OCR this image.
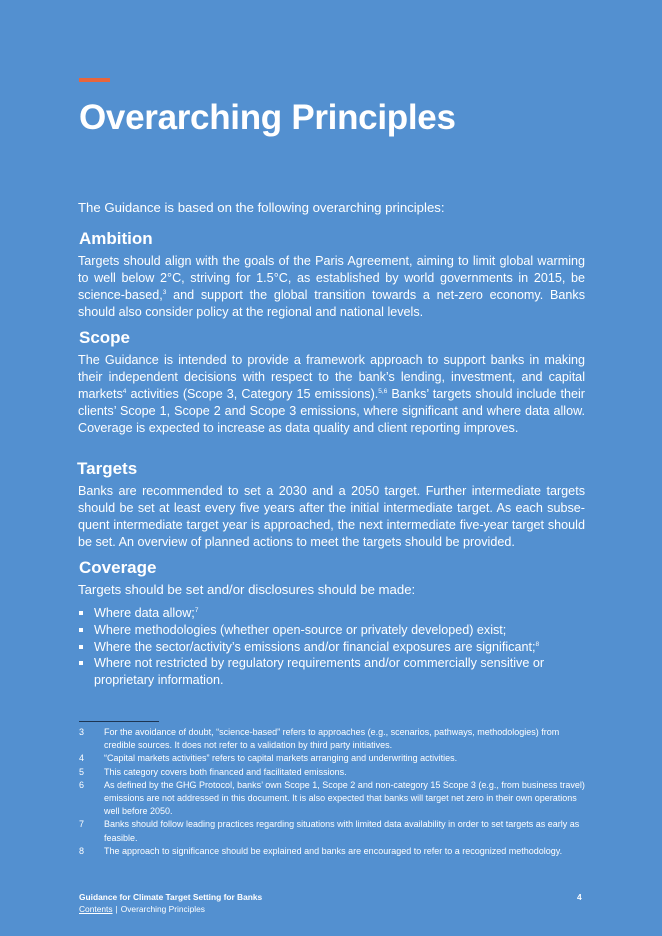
Overarching Principles
The Guidance is based on the following overarching principles:
Ambition

Targets should align with the goals of the Paris Agreement, aiming to limit global warming to well below 2°C, striving for 1.5°C, as established by world governments in 2015, be science-based,$^3$ and support the global transition towards a net-zero economy. Banks should also consider policy at the regional and national levels.

Scope

The Guidance is intended to provide a framework approach to support banks in making their independent decisions with respect to the bank’s lending, investment, and capital markets$^4$ activities (Scope 3, Category 15 emissions).$^{5,6}$ Banks’ targets should include their clients’ Scope 1, Scope 2 and Scope 3 emissions, where significant and where data allow. Coverage is expected to increase as data quality and client reporting improves.

Targets

Banks are recommended to set a 2030 and a 2050 target. Further intermediate targets should be set at least every five years after the initial intermediate target. As each subsequent intermediate target year is approached, the next intermediate five-year target should be set. An overview of planned actions to meet the targets should be provided.

Coverage

Targets should be set and/or disclosures should be made:

Where data allow;$^7$
Where methodologies (whether open-source or privately developed) exist;
Where the sector/activity’s emissions and/or financial exposures are significant;$^8$
Where not restricted by regulatory requirements and/or commercially sensitive or proprietary information.
3	For the avoidance of doubt, “science-based” refers to approaches (e.g., scenarios, pathways, methodologies) from credible sources. It does not refer to a validation by third party initiatives.
4	“Capital markets activities” refers to capital markets arranging and underwriting activities.
5	This category covers both financed and facilitated emissions.
6	As defined by the GHG Protocol, banks’ own Scope 1, Scope 2 and non-category 15 Scope 3 (e.g., from business travel) emissions are not addressed in this document. It is also expected that banks will target net zero in their own operations well before 2050.
7	Banks should follow leading practices regarding situations with limited data availability in order to set targets as early as feasible.
8	The approach to significance should be explained and banks are encouraged to refer to a recognized methodology.
Guidance for Climate Target Setting for Banks	4
Contents | Overarching Principles
